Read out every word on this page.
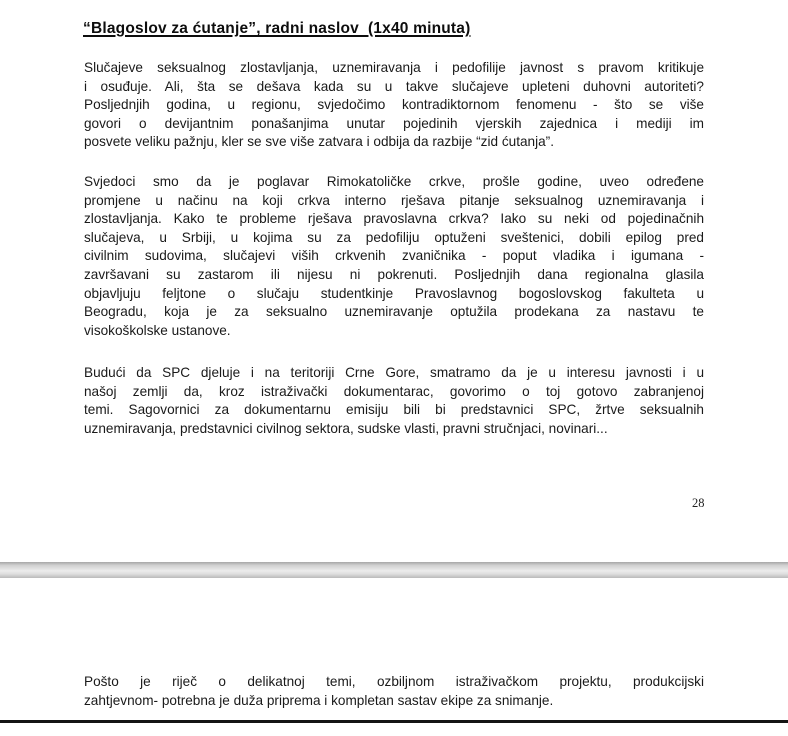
“Blagoslov za ćutanje”, radni naslov  (1x40 minuta)
Slučajeve seksualnog zlostavljanja, uznemiravanja i pedofilije javnost s pravom kritikuje
i osuđuje. Ali, šta se dešava kada su u takve slučajeve upleteni duhovni autoriteti?
Posljednjih godina, u regionu, svjedočimo kontradiktornom fenomenu - što se više
govori o devijantnim ponašanjima unutar pojedinih vjerskih zajednica i mediji im
posvete veliku pažnju, kler se sve više zatvara i odbija da razbije “zid ćutanja”.
Svjedoci smo da je poglavar Rimokatoličke crkve, prošle godine, uveo određene
promjene u načinu na koji crkva interno rješava pitanje seksualnog uznemiravanja i
zlostavljanja. Kako te probleme rješava pravoslavna crkva? Iako su neki od pojedinačnih
slučajeva, u Srbiji, u kojima su za pedofiliju optuženi sveštenici, dobili epilog pred
civilnim sudovima, slučajevi viših crkvenih zvaničnika - poput vladika i igumana -
završavani su zastarom ili nijesu ni pokrenuti. Posljednjih dana regionalna glasila
objavljuju feljtone o slučaju studentkinje Pravoslavnog bogoslovskog fakulteta u
Beogradu, koja je za seksualno uznemiravanje optužila prodekana za nastavu te
visokoškolske ustanove.
Budući da SPC djeluje i na teritoriji Crne Gore, smatramo da je u interesu javnosti i u
našoj zemlji da, kroz istraživački dokumentarac, govorimo o toj gotovo zabranjenoj
temi. Sagovornici za dokumentarnu emisiju bili bi predstavnici SPC, žrtve seksualnih
uznemiravanja, predstavnici civilnog sektora, sudske vlasti, pravni stručnjaci, novinari...
28
Pošto je riječ o delikatnoj temi, ozbiljnom istraživačkom projektu, produkcijski
zahtjevnom- potrebna je duža priprema i kompletan sastav ekipe za snimanje.
